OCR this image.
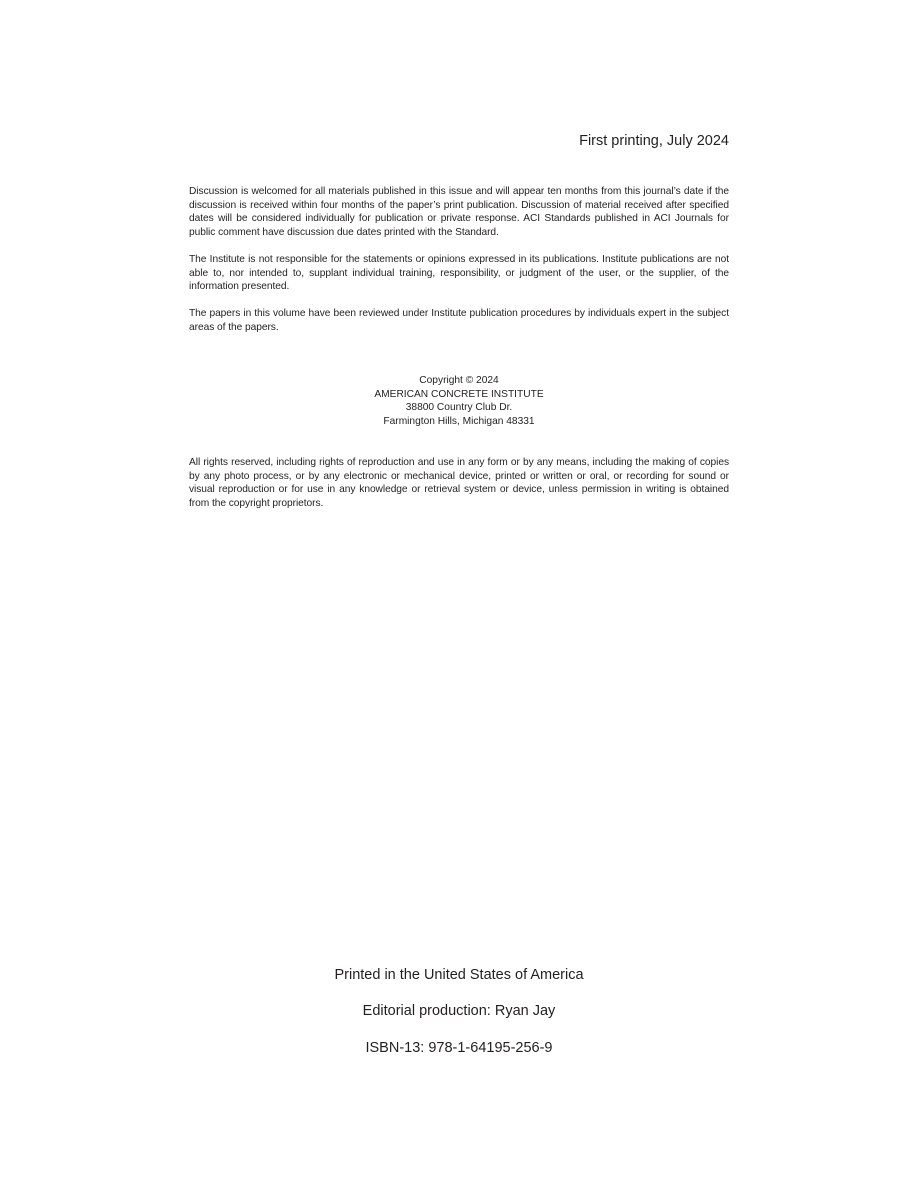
First printing, July 2024

Discussion is welcomed for all materials published in this issue and will appear ten months from this journal’s date if the discussion is received within four months of the paper’s print publication. Discussion of material received after specified dates will be considered individually for publication or private response. ACI Standards published in ACI Journals for public comment have discussion due dates printed with the Standard.

The Institute is not responsible for the statements or opinions expressed in its publications. Institute publications are not able to, nor intended to, supplant individual training, responsibility, or judgment of the user, or the supplier, of the information presented.

The papers in this volume have been reviewed under Institute publication procedures by individuals expert in the subject areas of the papers.

Copyright © 2024
AMERICAN CONCRETE INSTITUTE
38800 Country Club Dr.
Farmington Hills, Michigan 48331

All rights reserved, including rights of reproduction and use in any form or by any means, including the making of copies by any photo process, or by any electronic or mechanical device, printed or written or oral, or recording for sound or visual reproduction or for use in any knowledge or retrieval system or device, unless permission in writing is obtained from the copyright proprietors.

Printed in the United States of America
Editorial production: Ryan Jay
ISBN-13: 978-1-64195-256-9
